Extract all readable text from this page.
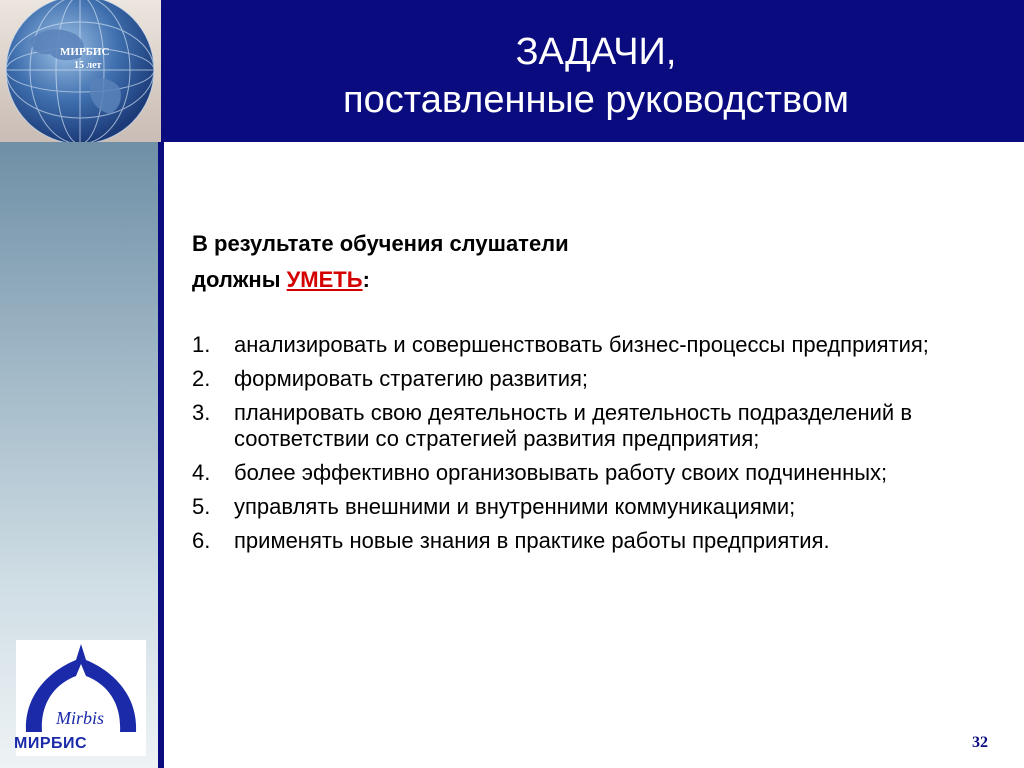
МИРБИС
15 лет	ЗАДАЧИ,
поставленные руководством
Mirbis
МИРБИС
В результате обучения слушатели
должны УМЕТЬ:
1. анализировать и совершенствовать бизнес-процессы предприятия;
2. формировать стратегию развития;
3. планировать свою деятельность и деятельность подразделений в соответствии со стратегией развития предприятия;
4. более эффективно организовывать работу своих подчиненных;
5. управлять внешними и внутренними коммуникациями;
6. применять новые знания в практике работы предприятия.
32
